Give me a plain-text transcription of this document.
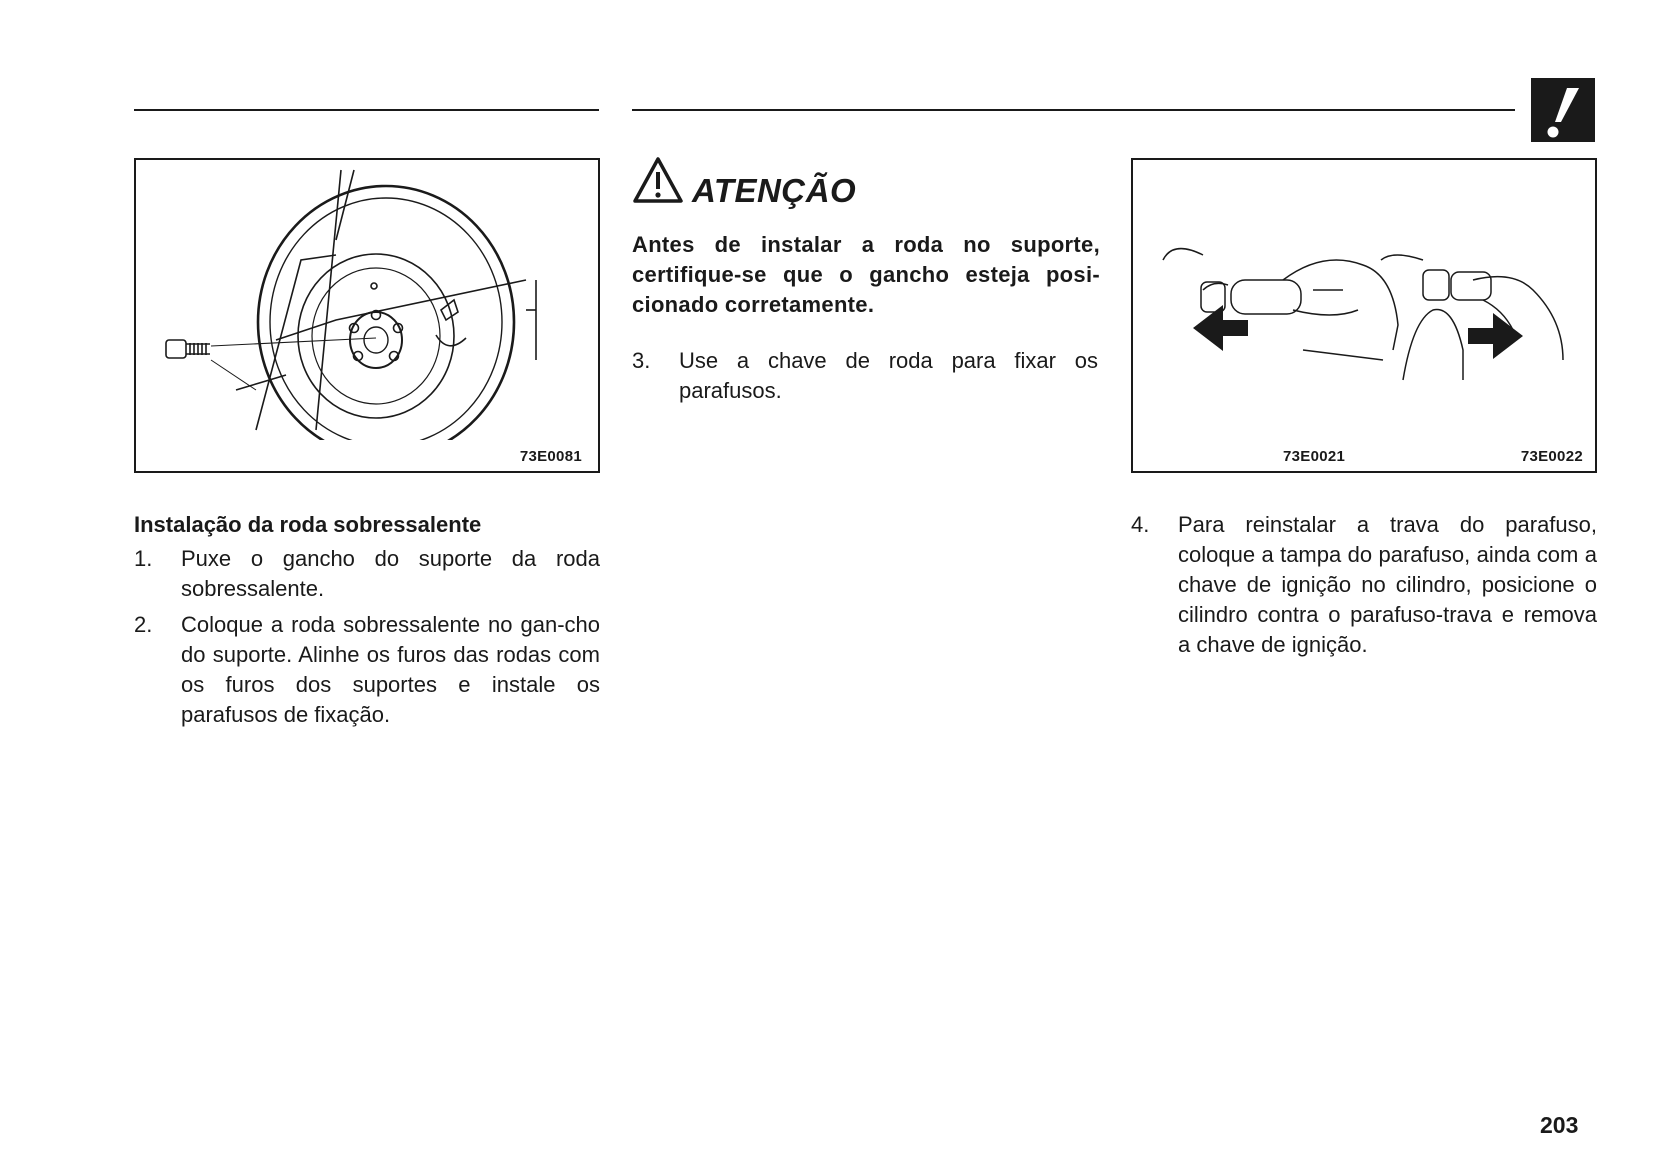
73E0081	73E0021	73E0022
Instalação da roda sobressalente
1. Puxe o gancho do suporte da roda sobressalente.
2. Coloque a roda sobressalente no gan-cho do suporte. Alinhe os furos das rodas com os furos dos suportes e instale os parafusos de fixação.
ATENÇÃO
Antes de instalar a roda no suporte, certifique-se que o gancho esteja posi-cionado corretamente.
3. Use a chave de roda para fixar os parafusos.
4. Para reinstalar a trava do parafuso, coloque a tampa do parafuso, ainda com a chave de ignição no cilindro, posicione o cilindro contra o parafuso-trava e remova a chave de ignição.
203
